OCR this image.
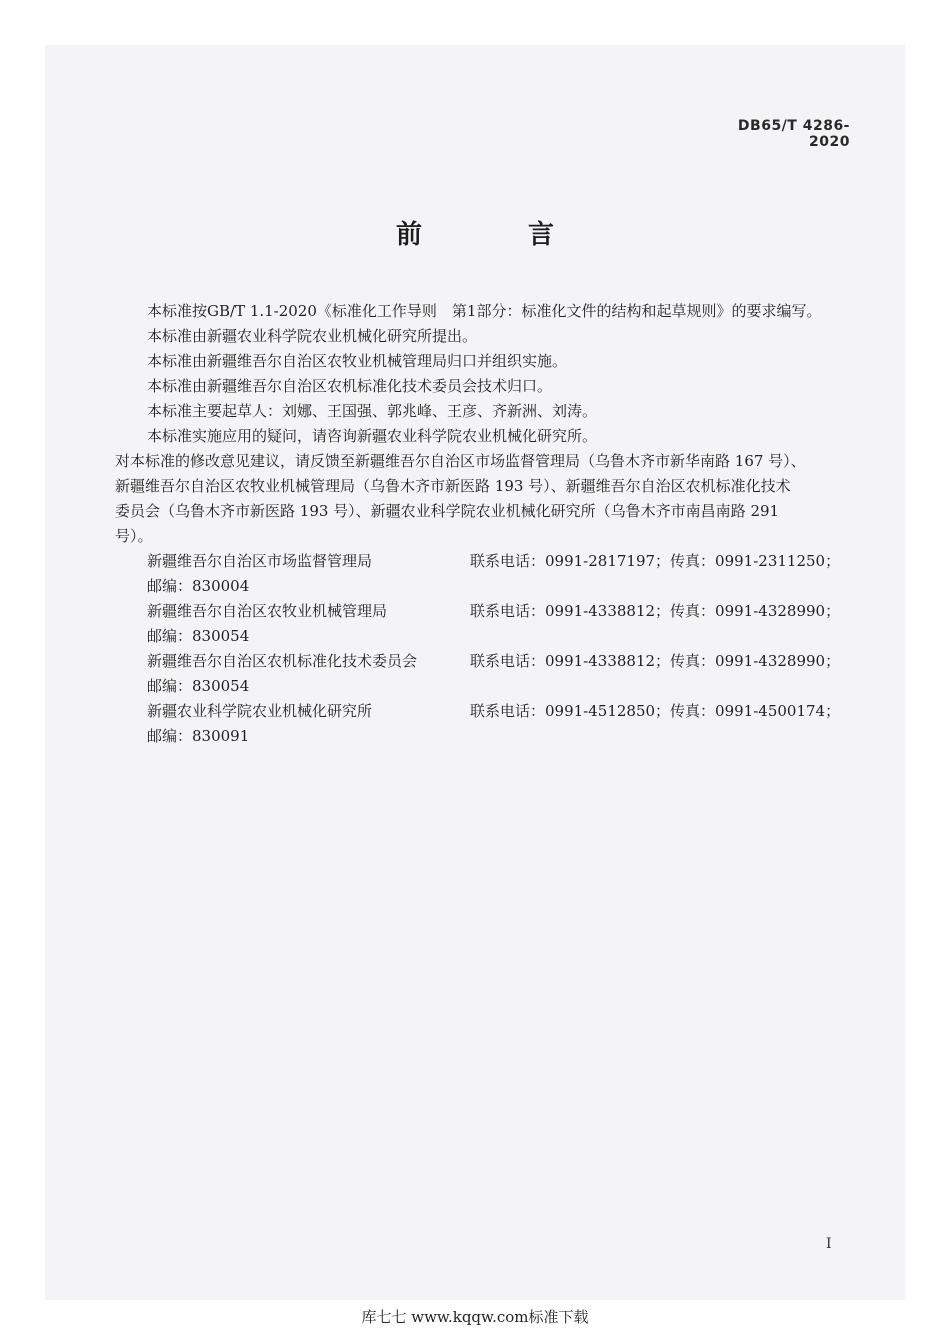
DB65/T 4286-2020
前　言
本标准按GB/T 1.1-2020《标准化工作导则　第1部分：标准化文件的结构和起草规则》的要求编写。
本标准由新疆农业科学院农业机械化研究所提出。
本标准由新疆维吾尔自治区农牧业机械管理局归口并组织实施。
本标准由新疆维吾尔自治区农机标准化技术委员会技术归口。
本标准主要起草人：刘娜、王国强、郭兆峰、王彦、齐新洲、刘涛。
本标准实施应用的疑问，请咨询新疆农业科学院农业机械化研究所。
对本标准的修改意见建议，请反馈至新疆维吾尔自治区市场监督管理局（乌鲁木齐市新华南路 167 号）、
新疆维吾尔自治区农牧业机械管理局（乌鲁木齐市新医路 193 号）、新疆维吾尔自治区农机标准化技术
委员会（乌鲁木齐市新医路 193 号）、新疆农业科学院农业机械化研究所（乌鲁木齐市南昌南路 291
号）。
新疆维吾尔自治区市场监督管理局	联系电话：0991-2817197；传真：0991-2311250；
邮编：830004
新疆维吾尔自治区农牧业机械管理局	联系电话：0991-4338812；传真：0991-4328990；
邮编：830054
新疆维吾尔自治区农机标准化技术委员会	联系电话：0991-4338812；传真：0991-4328990；
邮编：830054
新疆农业科学院农业机械化研究所	联系电话：0991-4512850；传真：0991-4500174；
邮编：830091
I
库七七 www.kqqw.com标准下载
